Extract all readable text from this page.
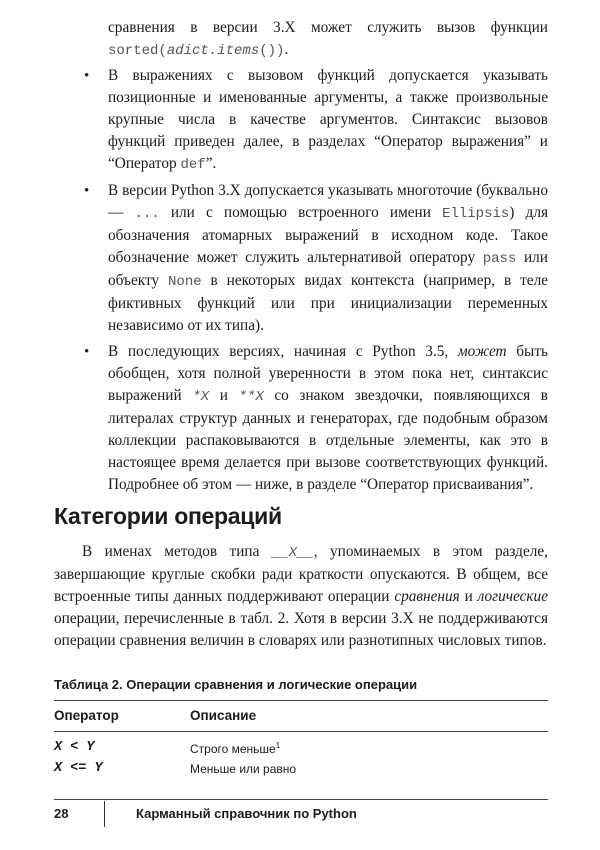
сравнения в версии 3.X может служить вызов функции sorted(adict.items()).
• В выражениях с вызовом функций допускается указывать позиционные и именованные аргументы, а также произвольные крупные числа в качестве аргументов. Синтаксис вызовов функций приведен далее, в разделах “Оператор выражения” и “Оператор def”.
• В версии Python 3.X допускается указывать многоточие (буквально — ... или с помощью встроенного имени Ellipsis) для обозначения атомарных выражений в исходном коде. Такое обозначение может служить альтернативой оператору pass или объекту None в некоторых видах контекста (например, в теле фиктивных функций или при инициализации переменных независимо от их типа).
• В последующих версиях, начиная с Python 3.5, может быть обобщен, хотя полной уверенности в этом пока нет, синтаксис выражений *X и **X со знаком звездочки, появляющихся в литералах структур данных и генераторах, где подобным образом коллекции распаковываются в отдельные элементы, как это в настоящее время делается при вызове соответствующих функций. Подробнее об этом — ниже, в разделе “Оператор присваивания”.
Категории операций
В именах методов типа __X__, упоминаемых в этом разделе, завершающие круглые скобки ради краткости опускаются. В общем, все встроенные типы данных поддерживают операции сравнения и логические операции, перечисленные в табл. 2. Хотя в версии 3.X не поддерживаются операции сравнения величин в словарях или разнотипных числовых типов.
Таблица 2. Операции сравнения и логические операции
Оператор	Описание
X < Y	Строго меньше$^1$
X <= Y	Меньше или равно
28	Карманный справочник по Python
